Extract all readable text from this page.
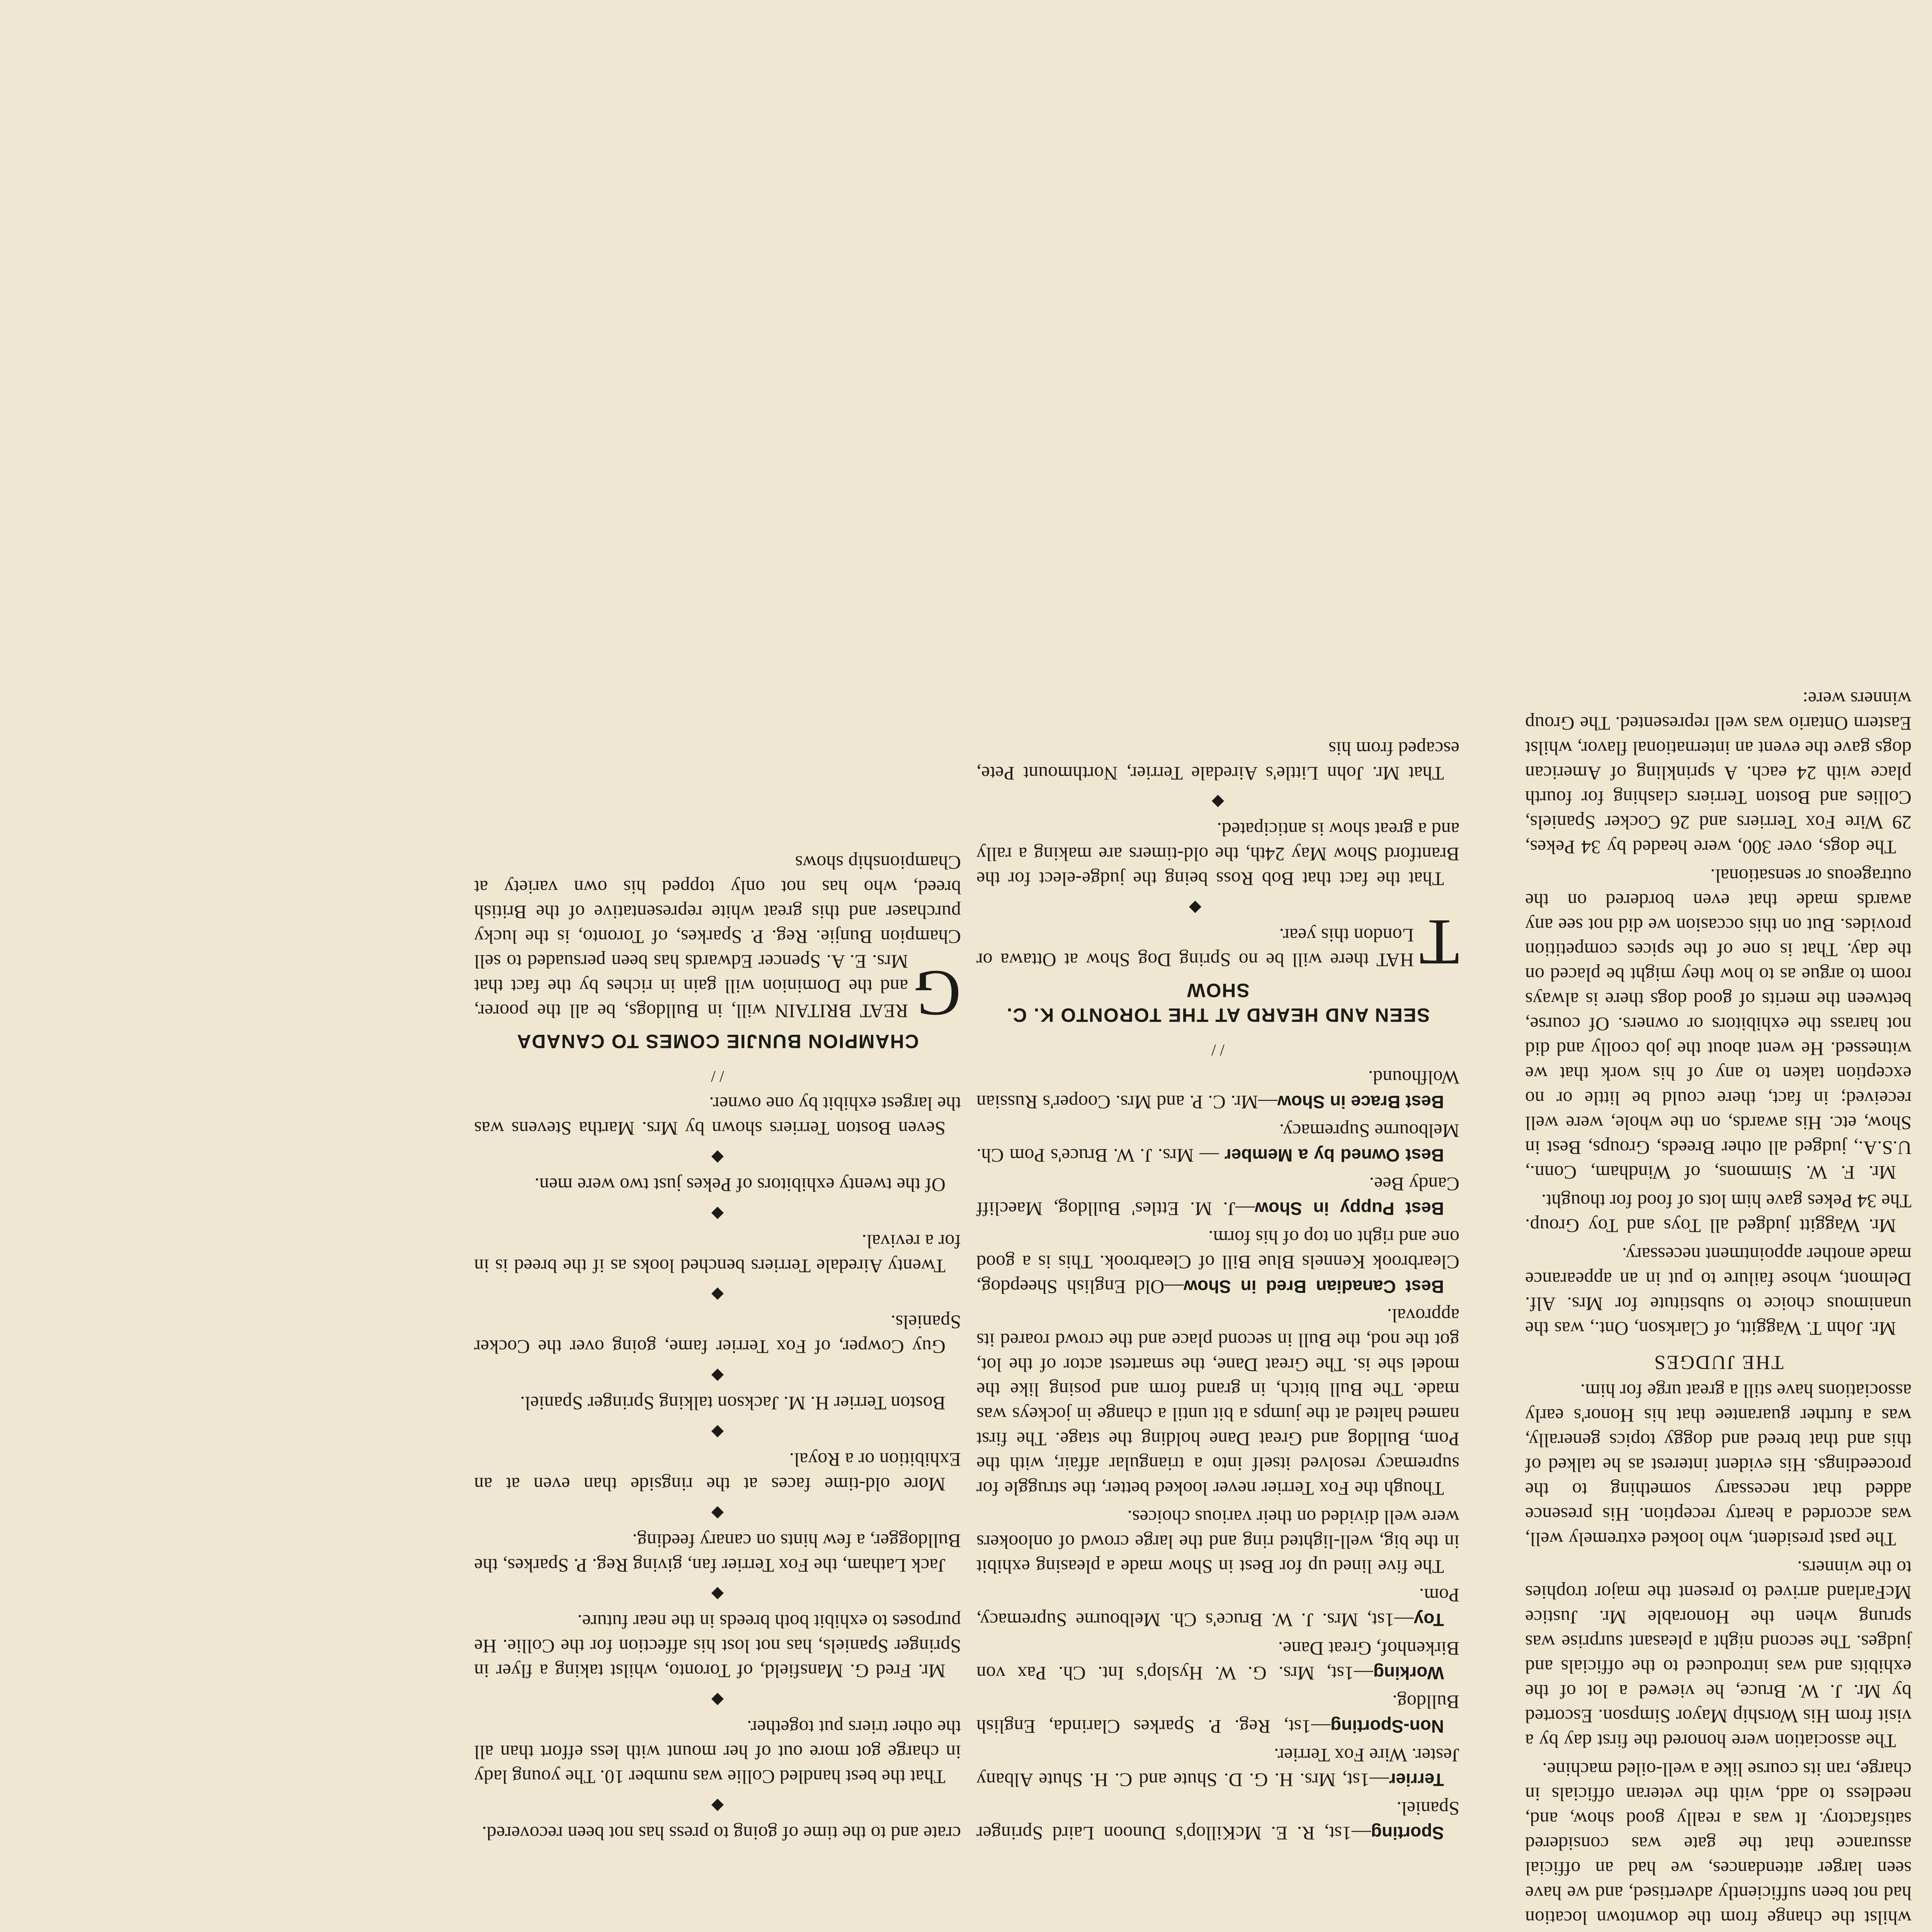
whilst the change from the downtown location had not been sufficiently advertised, and we have seen larger attendances, we had an official assurance that the gate was considered satisfactory. It was a really good show, and, needless to add, with the veteran officials in charge, ran its course like a well-oiled machine.

The association were honored the first day by a visit from His Worship Mayor Simpson. Escorted by Mr. J. W. Bruce, he viewed a lot of the exhibits and was introduced to the officials and judges. The second night a pleasant surprise was sprung when the Honorable Mr. Justice McFarland arrived to present the major trophies to the winners.

The past president, who looked extremely well, was accorded a hearty reception. His presence added that necessary something to the proceedings. His evident interest as he talked of this and that breed and doggy topics generally, was a further guarantee that his Honor's early associations have still a great urge for him.

THE JUDGES

Mr. John T. Waggitt, of Clarkson, Ont., was the unanimous choice to substitute for Mrs. Alf. Delmont, whose failure to put in an appearance made another appointment necessary.

Mr. Waggitt judged all Toys and Toy Group. The 34 Pekes gave him lots of food for thought.

Mr. F. W. Simmons, of Windham, Conn., U.S.A., judged all other Breeds, Groups, Best in Show, etc. His awards, on the whole, were well received; in fact, there could be little or no exception taken to any of his work that we witnessed. He went about the job coolly and did not harass the exhibitors or owners. Of course, between the merits of good dogs there is always room to argue as to how they might be placed on the day. That is one of the spices competition provides. But on this occasion we did not see any awards made that even bordered on the outrageous or sensational.

The dogs, over 300, were headed by 34 Pekes, 29 Wire Fox Terriers and 26 Cocker Spaniels, Collies and Boston Terriers clashing for fourth place with 24 each. A sprinkling of American dogs gave the event an international flavor, whilst Eastern Ontario was well represented. The Group winners were:

Sporting—1st, R. E. McKillop's Dunoon Laird Springer Spaniel.

Terrier—1st, Mrs. H. G. D. Shute and C. H. Shute Albany Jester. Wire Fox Terrier.

Non-Sporting—1st, Reg. P. Sparkes Clarinda, English Bulldog.

Working—1st, Mrs. G. W. Hyslop's Int. Ch. Pax von Birkenhof, Great Dane.

Toy—1st, Mrs. J. W. Bruce's Ch. Melbourne Supremacy, Pom.

The five lined up for Best in Show made a pleasing exhibit in the big, well-lighted ring and the large crowd of onlookers were well divided on their various choices.

Though the Fox Terrier never looked better, the struggle for supremacy resolved itself into a triangular affair, with the Pom, Bulldog and Great Dane holding the stage. The first named halted at the jumps a bit until a change in jockeys was made. The Bull bitch, in grand form and posing like the model she is. The Great Dane, the smartest actor of the lot, got the nod, the Bull in second place and the crowd roared its approval.

Best Canadian Bred in Show—Old English Sheepdog, Clearbrook Kennels Blue Bill of Clearbrook. This is a good one and right on top of his form.

Best Puppy in Show—J. M. Ettles' Bulldog, Maecliff Candy Bee.

Best Owned by a Member — Mrs. J. W. Bruce's Pom Ch. Melbourne Supremacy.

Best Brace in Show—Mr. C. P. and Mrs. Cooper's Russian Wolfhound.

/ /
SEEN AND HEARD AT THE TORONTO K. C. SHOW

T
HAT there will be no Spring Dog Show at Ottawa or London this year.

◆

That the fact that Bob Ross being the judge-elect for the Brantford Show May 24th, the old-timers are making a rally and a great show is anticipated.

◆

That Mr. John Little's Airedale Terrier, Northmount Pete, escaped from his

crate and to the time of going to press has not been recovered.

◆

That the best handled Collie was number 10. The young lady in charge got more out of her mount with less effort than all the other triers put together.

◆

Mr. Fred G. Mansfield, of Toronto, whilst taking a flyer in Springer Spaniels, has not lost his affection for the Collie. He purposes to exhibit both breeds in the near future.

◆

Jack Latham, the Fox Terrier fan, giving Reg. P. Sparkes, the Bulldogger, a few hints on canary feeding.

◆

More old-time faces at the ringside than even at an Exhibition or a Royal.

◆

Boston Terrier H. M. Jackson talking Springer Spaniel.

◆

Guy Cowper, of Fox Terrier fame, going over the Cocker Spaniels.

◆

Twenty Airedale Terriers benched looks as if the breed is in for a revival.

◆

Of the twenty exhibitors of Pekes just two were men.

◆

Seven Boston Terriers shown by Mrs. Martha Stevens was the largest exhibit by one owner.

/ /
CHAMPION BUNJIE COMES TO CANADA

G
REAT BRITAIN will, in Bulldogs, be all the poorer, and the Dominion will gain in riches by the fact that Mrs. E. A. Spencer Edwards has been persuaded to sell Champion Bunjie. Reg. P. Sparkes, of Toronto, is the lucky purchaser and this great white representative of the British breed, who has not only topped his own variety at Championship shows
